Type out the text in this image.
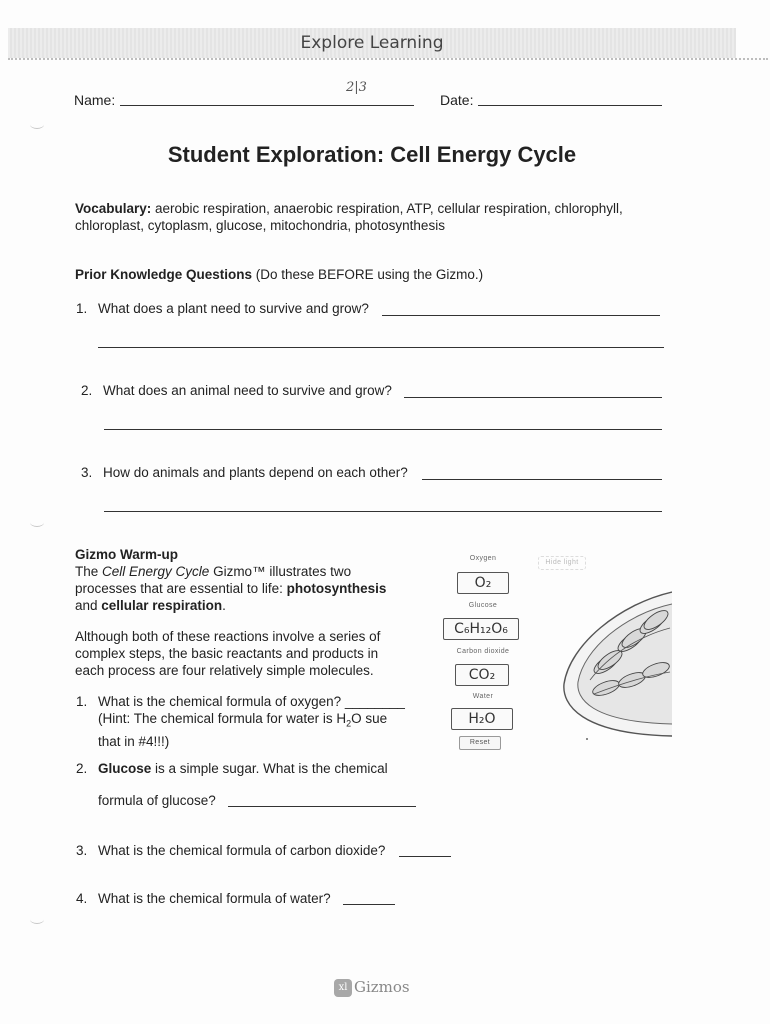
Explore Learning
Name:
2|3
Date:
Student Exploration: Cell Energy Cycle
Vocabulary: aerobic respiration, anaerobic respiration, ATP, cellular respiration, chlorophyll,
chloroplast, cytoplasm, glucose, mitochondria, photosynthesis
Prior Knowledge Questions (Do these BEFORE using the Gizmo.)
1. What does a plant need to survive and grow?
2. What does an animal need to survive and grow?
3. How do animals and plants depend on each other?
Gizmo Warm-up
The Cell Energy Cycle Gizmo™ illustrates two
processes that are essential to life: photosynthesis
and cellular respiration.
Although both of these reactions involve a series of
complex steps, the basic reactants and products in
each process are four relatively simple molecules.
1. What is the chemical formula of oxygen? ________
(Hint: The chemical formula for water is $H_2O$ sue
that in #4!!!)
2. Glucose is a simple sugar. What is the chemical
formula of glucose?
3. What is the chemical formula of carbon dioxide?
4. What is the chemical formula of water?
Oxygen
O₂
Glucose
C₆H₁₂O₆
Carbon dioxide
CO₂
Water
H₂O
Reset
Hide light
xl Gizmos
